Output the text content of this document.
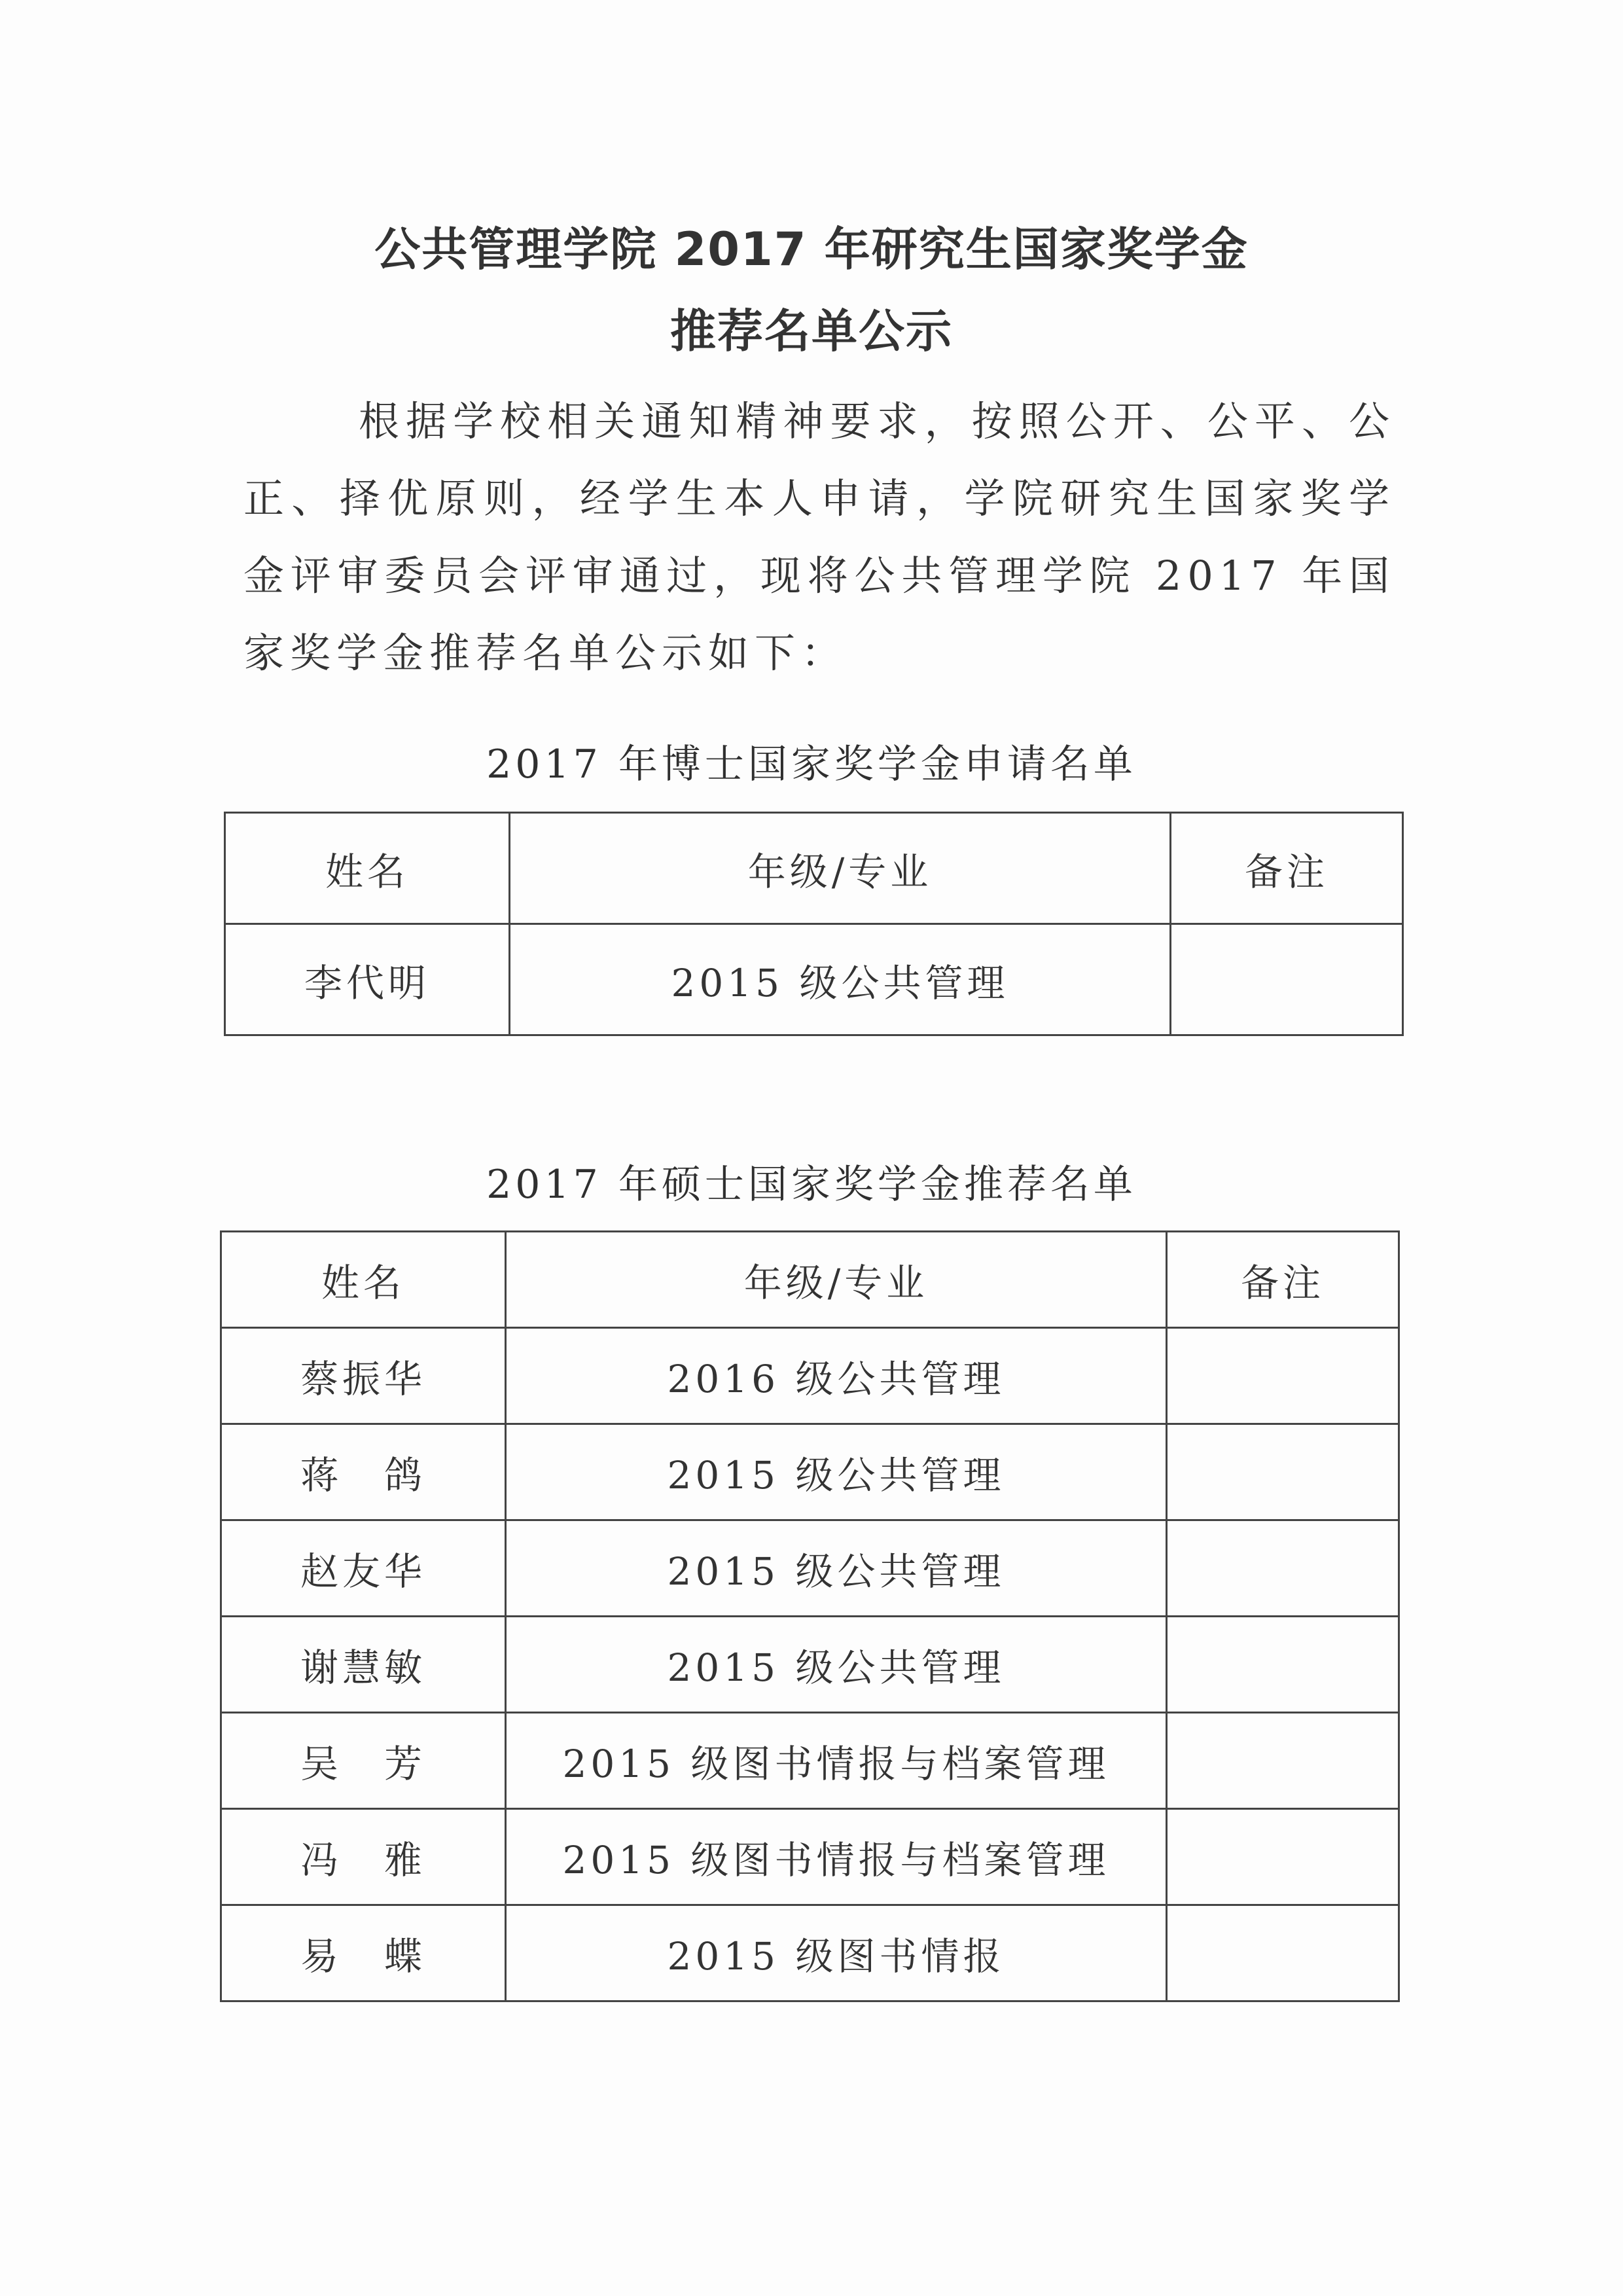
公共管理学院 2017 年研究生国家奖学金
推荐名单公示
根据学校相关通知精神要求，按照公开、公平、公正、择优原则，经学生本人申请，学院研究生国家奖学金评审委员会评审通过，现将公共管理学院 2017 年国家奖学金推荐名单公示如下：
2017 年博士国家奖学金申请名单
姓名	年级/专业	备注
李代明	2015 级公共管理	
2017 年硕士国家奖学金推荐名单
姓名	年级/专业	备注
蔡振华	2016 级公共管理	
蒋　鸽	2015 级公共管理	
赵友华	2015 级公共管理	
谢慧敏	2015 级公共管理	
吴　芳	2015 级图书情报与档案管理	
冯　雅	2015 级图书情报与档案管理	
易　蝶	2015 级图书情报	
